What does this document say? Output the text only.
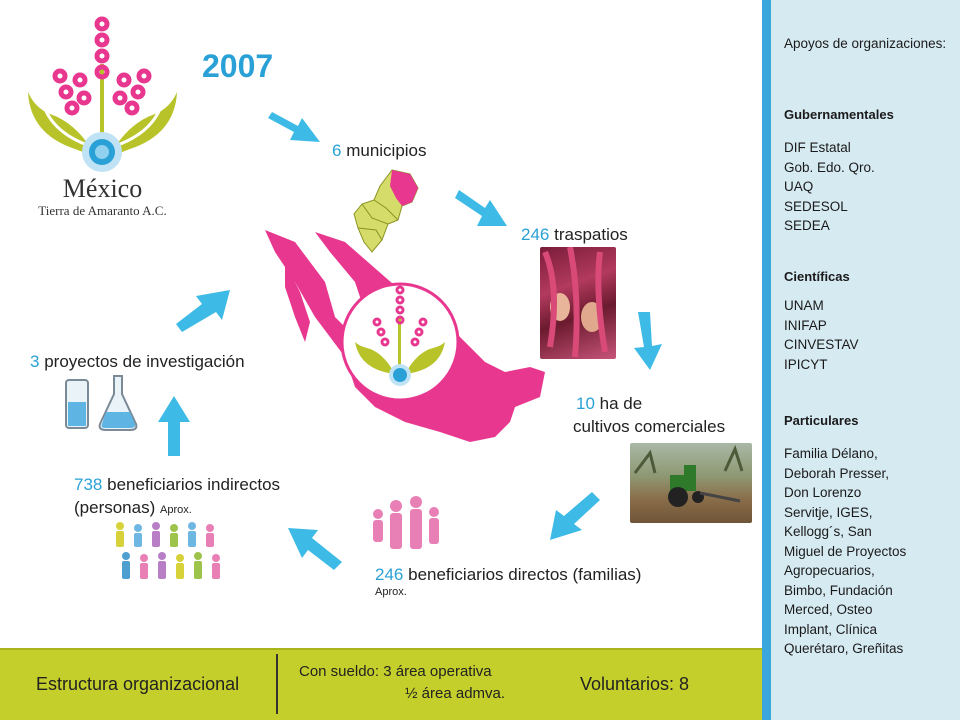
México
Tierra de Amaranto A.C.
2007
6 municipios
246 traspatios
10 ha de
cultivos comerciales
246 beneficiarios directos (familias)
Aprox.
738 beneficiarios indirectos
(personas) Aprox.
3 proyectos de investigación
Apoyos de organizaciones:
Gubernamentales
DIF Estatal
Gob. Edo. Qro.
UAQ
SEDESOL
SEDEA
Científicas
UNAM
INIFAP
CINVESTAV
IPICYT
Particulares
Familia Délano,
Deborah Presser,
Don Lorenzo
Servitje, IGES,
Kellogg´s, San
Miguel de Proyectos
Agropecuarios,
Bimbo, Fundación
Merced, Osteo
Implant, Clínica
Querétaro, Greñitas
Estructura organizacional
Con sueldo: 3 área operativa
½ área admva.	Voluntarios: 8
